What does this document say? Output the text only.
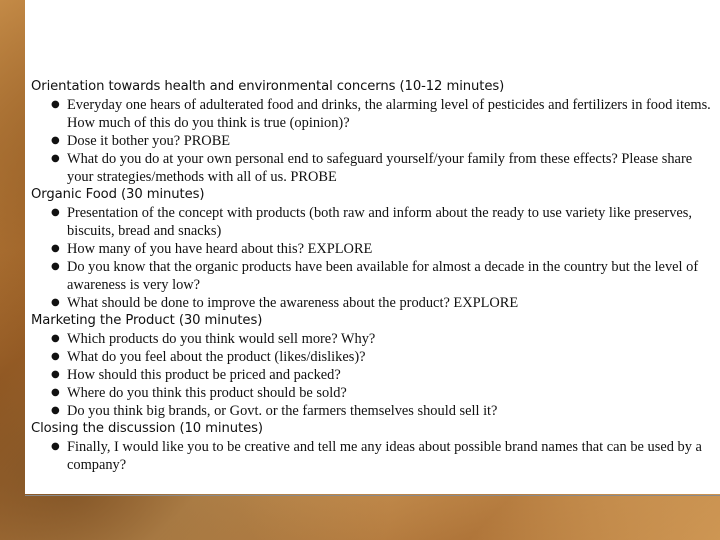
Orientation towards health and environmental concerns (10-12 minutes)

● Everyday one hears of adulterated food and drinks, the alarming level of pesticides and fertilizers in food items. How much of this do you think is true (opinion)?
● Dose it bother you? PROBE
● What do you do at your own personal end to safeguard yourself/your family from these effects? Please share your strategies/methods with all of us. PROBE

Organic Food (30 minutes)

● Presentation of the concept with products (both raw and inform about the ready to use variety like preserves, biscuits, bread and snacks)
● How many of you have heard about this? EXPLORE
● Do you know that the organic products have been available for almost a decade in the country but the level of awareness is very low?
● What should be done to improve the awareness about the product? EXPLORE

Marketing the Product (30 minutes)

● Which products do you think would sell more? Why?
● What do you feel about the product (likes/dislikes)?
● How should this product be priced and packed?
● Where do you think this product should be sold?
● Do you think big brands, or Govt. or the farmers themselves should sell it?

Closing the discussion (10 minutes)

● Finally, I would like you to be creative and tell me any ideas about possible brand names that can be used by a company?
